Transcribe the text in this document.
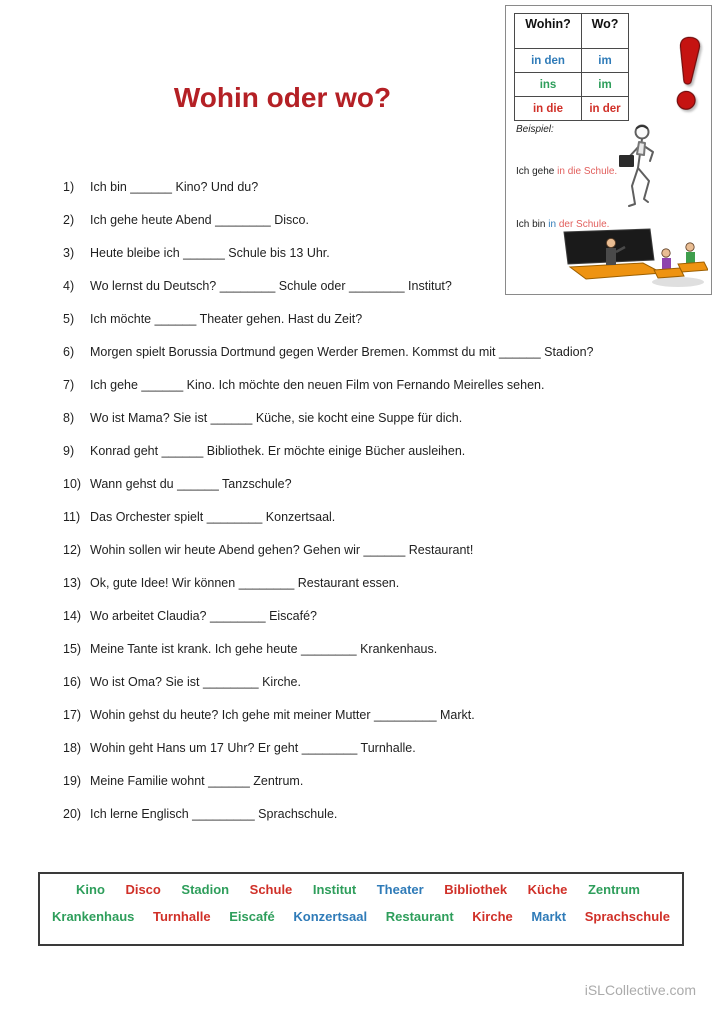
Wohin oder wo?
Wohin?	Wo?
in den	im
ins	im
in die	in der
Beispiel:
Ich gehe in die Schule.
Ich bin in der Schule.
1) Ich bin ______ Kino? Und du?
2) Ich gehe heute Abend ________ Disco.
3) Heute bleibe ich ______ Schule bis 13 Uhr.
4) Wo lernst du Deutsch? ________ Schule oder ________ Institut?
5) Ich möchte ______ Theater gehen. Hast du Zeit?
6) Morgen spielt Borussia Dortmund gegen Werder Bremen. Kommst du mit ______ Stadion?
7) Ich gehe ______ Kino. Ich möchte den neuen Film von Fernando Meirelles sehen.
8) Wo ist Mama? Sie ist ______ Küche, sie kocht eine Suppe für dich.
9) Konrad geht ______ Bibliothek. Er möchte einige Bücher ausleihen.
10) Wann gehst du ______ Tanzschule?
11) Das Orchester spielt ________ Konzertsaal.
12) Wohin sollen wir heute Abend gehen? Gehen wir ______ Restaurant!
13) Ok, gute Idee! Wir können ________ Restaurant essen.
14) Wo arbeitet Claudia? ________ Eiscafé?
15) Meine Tante ist krank. Ich gehe heute ________ Krankenhaus.
16) Wo ist Oma? Sie ist ________ Kirche.
17) Wohin gehst du heute? Ich gehe mit meiner Mutter _________ Markt.
18) Wohin geht Hans um 17 Uhr? Er geht ________ Turnhalle.
19) Meine Familie wohnt ______ Zentrum.
20) Ich lerne Englisch _________ Sprachschule.
Kino Disco Stadion Schule Institut Theater Bibliothek Küche Zentrum
Krankenhaus Turnhalle Eiscafé Konzertsaal Restaurant Kirche Markt Sprachschule
iSLCollective.com
